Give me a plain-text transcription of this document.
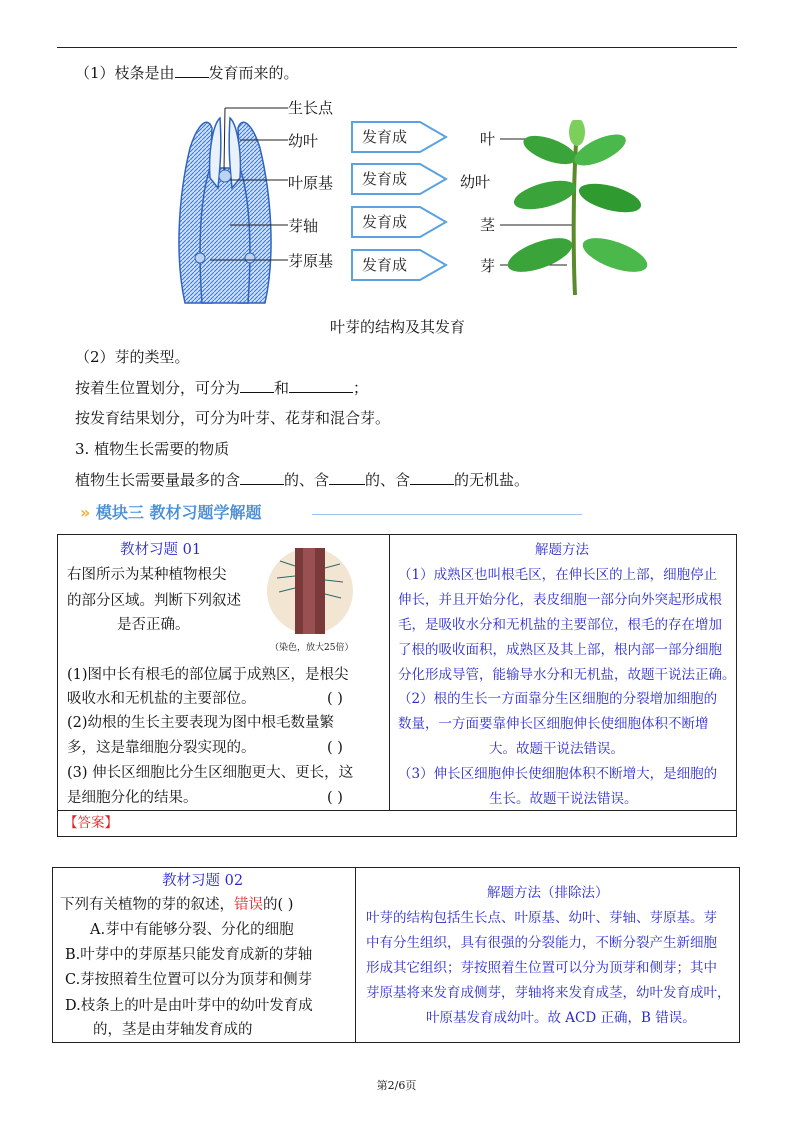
（1）枝条是由 发育而来的。
生长点
幼叶
叶原基
芽轴
芽原基
发育成
发育成
发育成
发育成
叶
幼叶
茎
芽
叶芽的结构及其发育
（2）芽的类型。
按着生位置划分，可分为 和	；
按发育结果划分，可分为叶芽、花芽和混合芽。
3. 植物生长需要的物质
植物生长需要量最多的含	的、含 的、含	的无机盐。
» 模块三 教材习题学解题
教材习题 01
右图所示为某种植物根尖
的部分区域。判断下列叙述
是否正确。
（染色，放大25倍）
(1)图中长有根毛的部位属于成熟区，是根尖
吸收水和无机盐的主要部位。	( )
(2)幼根的生长主要表现为图中根毛数量繁
多，这是靠细胞分裂实现的。	( )
(3) 伸长区细胞比分生区细胞更大、更长，这
是细胞分化的结果。	( )
解题方法
（1）成熟区也叫根毛区，在伸长区的上部，细胞停止
伸长，并且开始分化，表皮细胞一部分向外突起形成根
毛，是吸收水分和无机盐的主要部位，根毛的存在增加
了根的吸收面积，成熟区及其上部，根内部一部分细胞
分化形成导管，能输导水分和无机盐，故题干说法正确。
（2）根的生长一方面靠分生区细胞的分裂增加细胞的
数量，一方面要靠伸长区细胞伸长使细胞体积不断增
大。故题干说法错误。
（3）伸长区细胞伸长使细胞体积不断增大，是细胞的
生长。故题干说法错误。
【答案】
教材习题 02
下列有关植物的芽的叙述，错误的( )
A.芽中有能够分裂、分化的细胞
B.叶芽中的芽原基只能发育成新的芽轴
C.芽按照着生位置可以分为顶芽和侧芽
D.枝条上的叶是由叶芽中的幼叶发育成
的，茎是由芽轴发育成的
解题方法（排除法）
叶芽的结构包括生长点、叶原基、幼叶、芽轴、芽原基。芽
中有分生组织，具有很强的分裂能力，不断分裂产生新细胞
形成其它组织；芽按照着生位置可以分为顶芽和侧芽；其中
芽原基将来发育成侧芽，芽轴将来发育成茎，幼叶发育成叶，
叶原基发育成幼叶。故 ACD 正确，B 错误。
第2/6页
